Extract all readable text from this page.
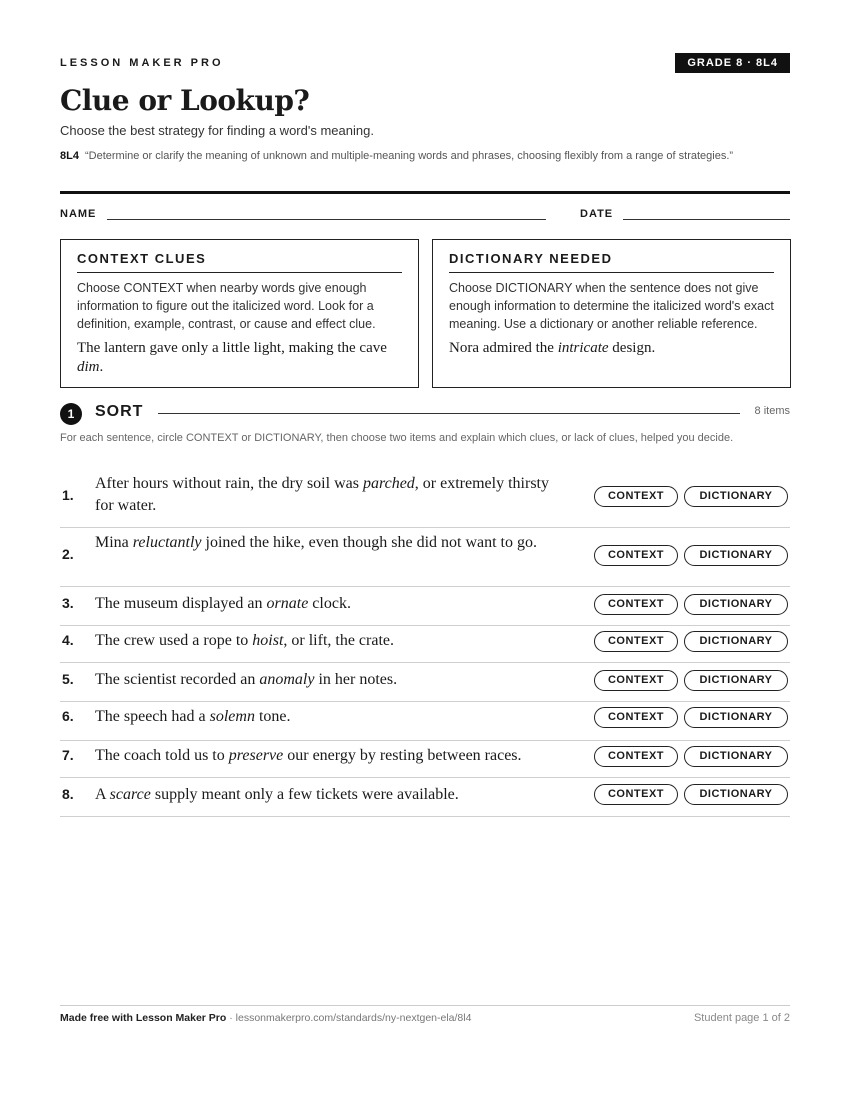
LESSON MAKER PRO	GRADE 8 · 8L4
Clue or Lookup?
Choose the best strategy for finding a word's meaning.
8L4 “Determine or clarify the meaning of unknown and multiple-meaning words and phrases, choosing flexibly from a range of strategies.”
NAME	DATE
CONTEXT CLUES
Choose CONTEXT when nearby words give enough information to figure out the italicized word. Look for a definition, example, contrast, or cause and effect clue.
The lantern gave only a little light, making the cave dim.
DICTIONARY NEEDED
Choose DICTIONARY when the sentence does not give enough information to determine the italicized word's exact meaning. Use a dictionary or another reliable reference.
Nora admired the intricate design.
1	SORT	8 items
For each sentence, circle CONTEXT or DICTIONARY, then choose two items and explain which clues, or lack of clues, helped you decide.
1.
After hours without rain, the dry soil was parched, or extremely thirsty for water.
CONTEXT	DICTIONARY
2.
Mina reluctantly joined the hike, even though she did not want to go.
CONTEXT	DICTIONARY
3. The museum displayed an ornate clock.	CONTEXT	DICTIONARY
4. The crew used a rope to hoist, or lift, the crate.	CONTEXT	DICTIONARY
5. The scientist recorded an anomaly in her notes.	CONTEXT	DICTIONARY
6. The speech had a solemn tone.	CONTEXT	DICTIONARY
7. The coach told us to preserve our energy by resting between races.	CONTEXT	DICTIONARY
8. A scarce supply meant only a few tickets were available.	CONTEXT	DICTIONARY
Made free with Lesson Maker Pro · lessonmakerpro.com/standards/ny-nextgen-ela/8l4	Student page 1 of 2
